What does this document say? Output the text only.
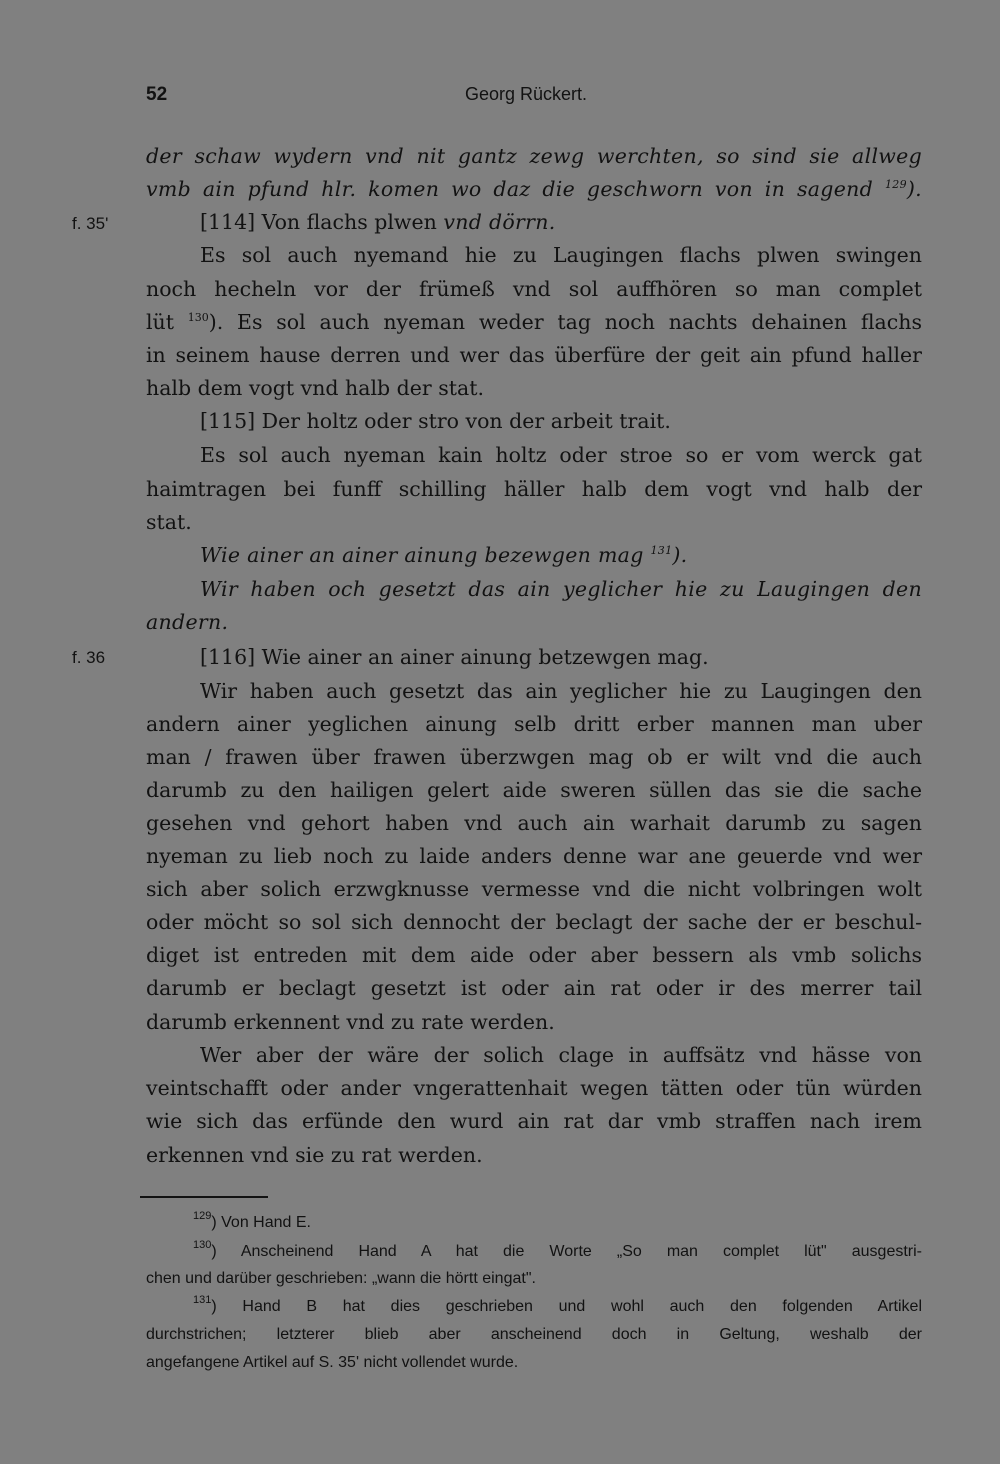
52	Georg Rückert.
f. 35'
f. 36
der schaw wydern vnd nit gantz zewg werchten, so sind sie allweg
vmb ain pfund hlr. komen wo daz die geschworn von in sagend $^{129}$).
[114] Von flachs plwen vnd dörrn.
Es sol auch nyemand hie zu Laugingen flachs plwen swingen
noch hecheln vor der frümeß vnd sol auffhören so man complet
lüt $^{130}$). Es sol auch nyeman weder tag noch nachts dehainen flachs
in seinem hause derren und wer das überfüre der geit ain pfund haller
halb dem vogt vnd halb der stat.
[115] Der holtz oder stro von der arbeit trait.
Es sol auch nyeman kain holtz oder stroe so er vom werck gat
haimtragen bei funff schilling häller halb dem vogt vnd halb der
stat.
Wie ainer an ainer ainung bezewgen mag $^{131}$).
Wir haben och gesetzt das ain yeglicher hie zu Laugingen den
andern.
[116] Wie ainer an ainer ainung betzewgen mag.
Wir haben auch gesetzt das ain yeglicher hie zu Laugingen den
andern ainer yeglichen ainung selb dritt erber mannen man uber
man / frawen über frawen überzwgen mag ob er wilt vnd die auch
darumb zu den hailigen gelert aide sweren süllen das sie die sache
gesehen vnd gehort haben vnd auch ain warhait darumb zu sagen
nyeman zu lieb noch zu laide anders denne war ane geuerde vnd wer
sich aber solich erzwgknusse vermesse vnd die nicht volbringen wolt
oder möcht so sol sich dennocht der beclagt der sache der er beschul-
diget ist entreden mit dem aide oder aber bessern als vmb solichs
darumb er beclagt gesetzt ist oder ain rat oder ir des merrer tail
darumb erkennent vnd zu rate werden.
Wer aber der wäre der solich clage in auffsätz vnd hässe von
veintschafft oder ander vngerattenhait wegen tätten oder tün würden
wie sich das erfünde den wurd ain rat dar vmb straffen nach irem
erkennen vnd sie zu rat werden.
$^{129}$) Von Hand E.
$^{130}$) Anscheinend Hand A hat die Worte „So man complet lüt" ausgestri-
chen und darüber geschrieben: „wann die hörtt eingat".
$^{131}$) Hand B hat dies geschrieben und wohl auch den folgenden Artikel
durchstrichen; letzterer blieb aber anscheinend doch in Geltung, weshalb der
angefangene Artikel auf S. 35' nicht vollendet wurde.
